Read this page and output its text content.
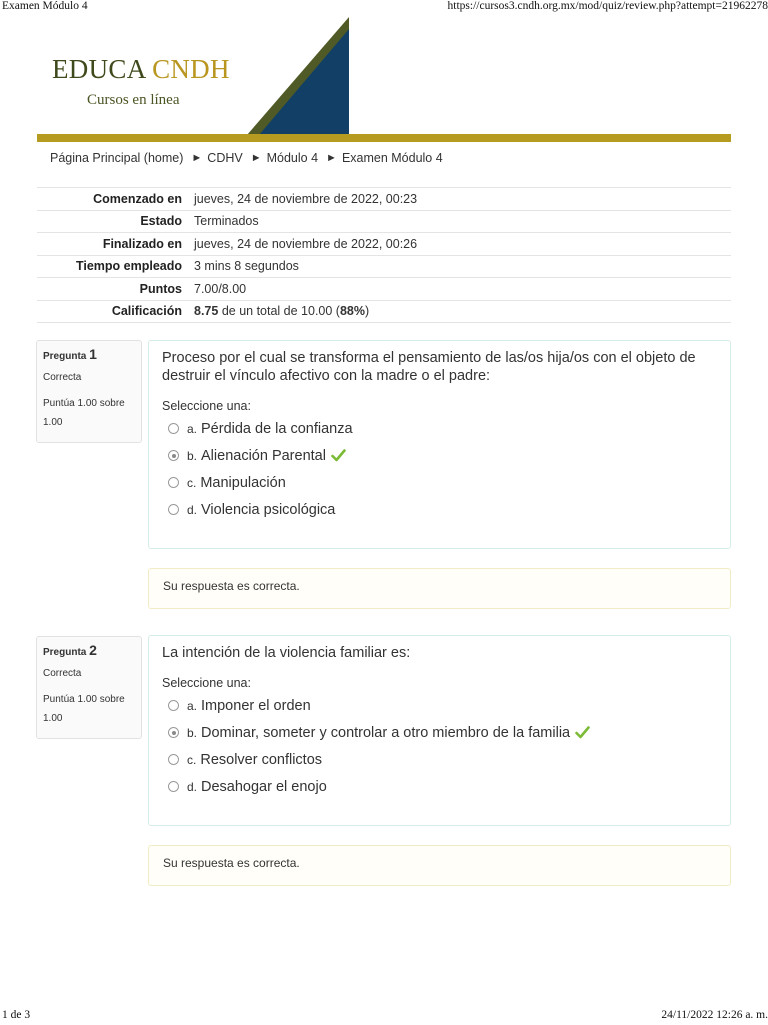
Examen Módulo 4	https://cursos3.cndh.org.mx/mod/quiz/review.php?attempt=21962278
EDUCA CNDH
Cursos en línea
Página Principal (home) ► CDHV ► Módulo 4 ► Examen Módulo 4
Comenzado en	jueves, 24 de noviembre de 2022, 00:23
Estado	Terminados
Finalizado en	jueves, 24 de noviembre de 2022, 00:26
Tiempo empleado	3 mins 8 segundos
Puntos	7.00/8.00
Calificación	8.75 de un total de 10.00 (88%)
Pregunta 1
Correcta
Puntúa 1.00 sobre 1.00
Proceso por el cual se transforma el pensamiento de las/os hija/os con el objeto de destruir el vínculo afectivo con la madre o el padre:
Seleccione una:
a. Pérdida de la confianza
b. Alienación Parental
c. Manipulación
d. Violencia psicológica
Su respuesta es correcta.
Pregunta 2
Correcta
Puntúa 1.00 sobre 1.00
La intención de la violencia familiar es:
Seleccione una:
a. Imponer el orden
b. Dominar, someter y controlar a otro miembro de la familia
c. Resolver conflictos
d. Desahogar el enojo
Su respuesta es correcta.
1 de 3	24/11/2022 12:26 a. m.
